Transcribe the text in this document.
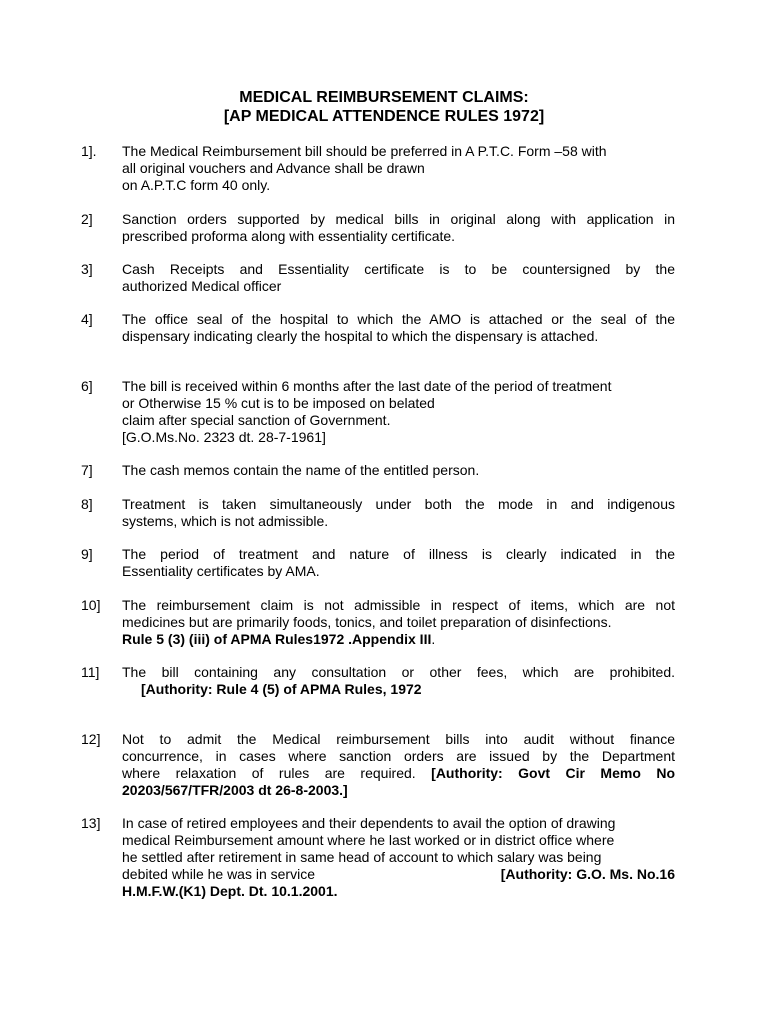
MEDICAL REIMBURSEMENT CLAIMS:
[AP MEDICAL ATTENDENCE RULES 1972]
1]. The Medical Reimbursement bill should be preferred in A P.T.C. Form –58 with
all original vouchers and Advance shall be drawn
on A.P.T.C form 40 only.
2] Sanction orders supported by medical bills in original along with application in
prescribed proforma along with essentiality certificate.
3] Cash Receipts and Essentiality certificate is to be countersigned by the
authorized Medical officer
4] The office seal of the hospital to which the AMO is attached or the seal of the
dispensary indicating clearly the hospital to which the dispensary is attached.
6] The bill is received within 6 months after the last date of the period of treatment
or Otherwise 15 % cut is to be imposed on belated
claim after special sanction of Government.
[G.O.Ms.No. 2323 dt. 28-7-1961]
7] The cash memos contain the name of the entitled person.
8] Treatment is taken simultaneously under both the mode in and indigenous
systems, which is not admissible.
9] The period of treatment and nature of illness is clearly indicated in the
Essentiality certificates by AMA.
10] The reimbursement claim is not admissible in respect of items, which are not
medicines but are primarily foods, tonics, and toilet preparation of disinfections.
Rule 5 (3) (iii) of APMA Rules1972 .Appendix III.
11] The bill containing any consultation or other fees, which are prohibited.
[Authority: Rule 4 (5) of APMA Rules, 1972
12] Not to admit the Medical reimbursement bills into audit without finance
concurrence, in cases where sanction orders are issued by the Department
where relaxation of rules are required. [Authority: Govt Cir Memo No
20203/567/TFR/2003 dt 26-8-2003.]
13] In case of retired employees and their dependents to avail the option of drawing
medical Reimbursement amount where he last worked or in district office where
he settled after retirement in same head of account to which salary was being
debited while he was in service	[Authority: G.O. Ms. No.16
H.M.F.W.(K1) Dept. Dt. 10.1.2001.
